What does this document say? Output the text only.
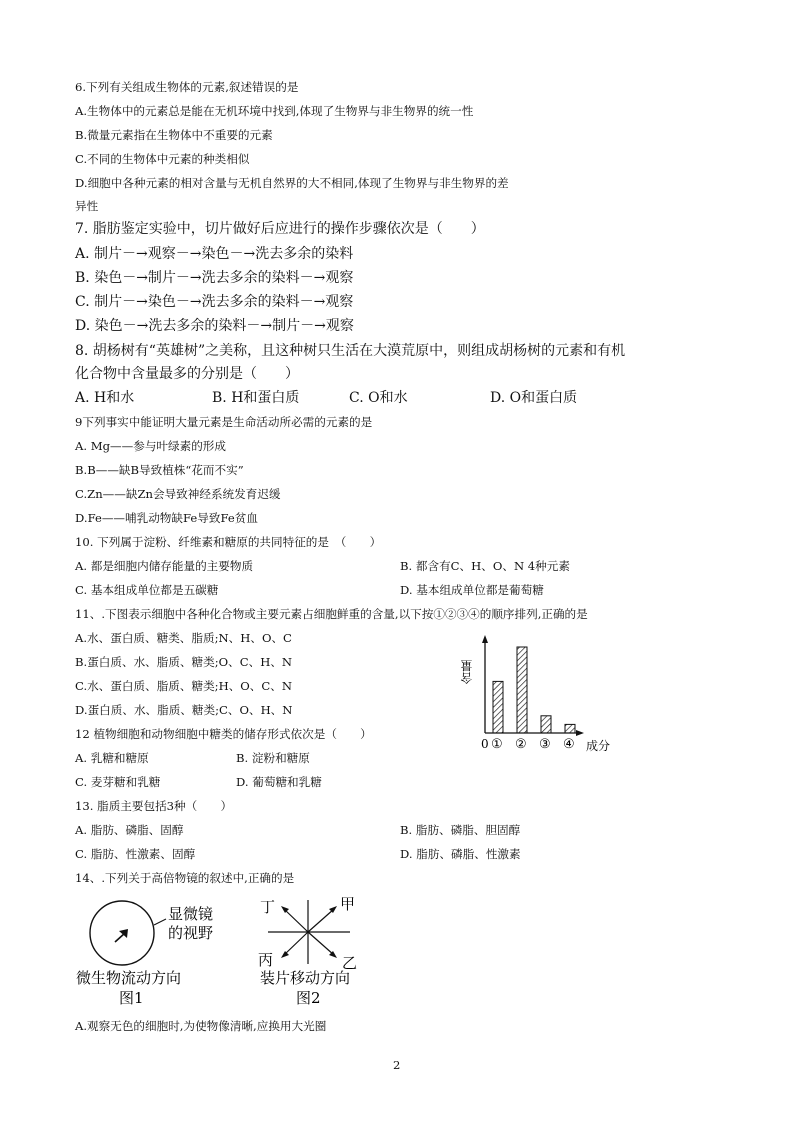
6.下列有关组成生物体的元素,叙述错误的是
A.生物体中的元素总是能在无机环境中找到,体现了生物界与非生物界的统一性
B.微量元素指在生物体中不重要的元素
C.不同的生物体中元素的种类相似
D.细胞中各种元素的相对含量与无机自然界的大不相同,体现了生物界与非生物界的差
异性
7. 脂肪鉴定实验中，切片做好后应进行的操作步骤依次是（　　）
A. 制片－→观察－→染色－→洗去多余的染料
B. 染色－→制片－→洗去多余的染料－→观察
C. 制片－→染色－→洗去多余的染料－→观察
D. 染色－→洗去多余的染料－→制片－→观察
8. 胡杨树有“英雄树”之美称，且这种树只生活在大漠荒原中，则组成胡杨树的元素和有机
化合物中含量最多的分别是（　　）
A. H和水	B. H和蛋白质	C. O和水	D. O和蛋白质
9下列事实中能证明大量元素是生命活动所必需的元素的是
A. Mg——参与叶绿素的形成
B.B——缺B导致植株“花而不实”
C.Zn——缺Zn会导致神经系统发育迟缓
D.Fe——哺乳动物缺Fe导致Fe贫血
10. 下列属于淀粉、纤维素和糖原的共同特征的是　（　　）
A. 都是细胞内储存能量的主要物质	B. 都含有C、H、O、N 4种元素
C. 基本组成单位都是五碳糖	D. 基本组成单位都是葡萄糖
11、.下图表示细胞中各种化合物或主要元素占细胞鲜重的含量,以下按①②③④的顺序排列,正确的是
A.水、蛋白质、糖类、脂质;N、H、O、C
B.蛋白质、水、脂质、糖类;O、C、H、N
C.水、蛋白质、脂质、糖类;H、O、C、N
D.蛋白质、水、脂质、糖类;C、O、H、N
含量
成分
0 ① ② ③ ④
12 植物细胞和动物细胞中糖类的储存形式依次是（　　）
A. 乳糖和糖原	B. 淀粉和糖原
C. 麦芽糖和乳糖	D. 葡萄糖和乳糖
13. 脂质主要包括3种（　　）
A. 脂肪、磷脂、固醇	B. 脂肪、磷脂、胆固醇
C. 脂肪、性激素、固醇	D. 脂肪、磷脂、性激素
14、.下列关于高倍物镜的叙述中,正确的是
显微镜
的视野
微生物流动方向
图1
丁	甲
丙	乙
装片移动方向
图2
A.观察无色的细胞时,为使物像清晰,应换用大光圈
2
